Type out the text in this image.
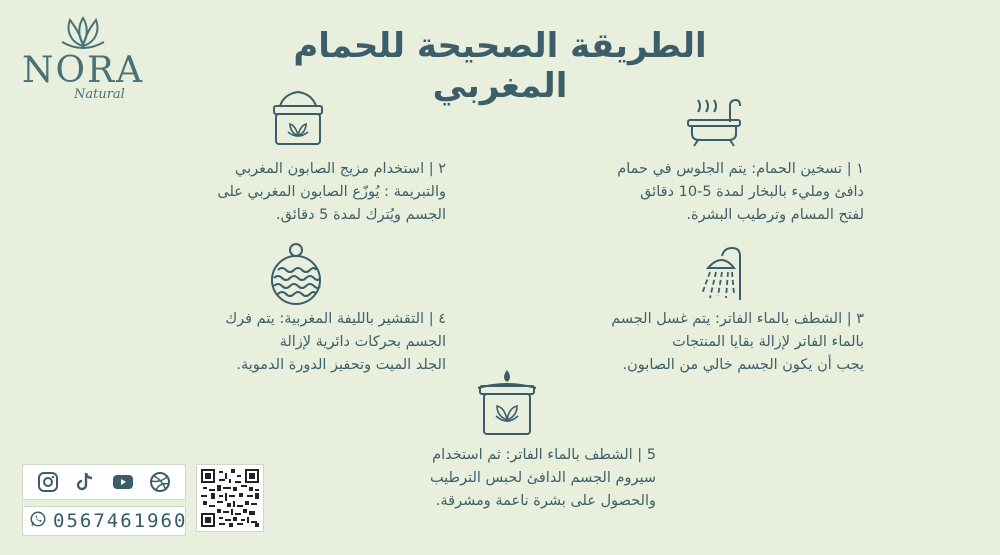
NORA
Natural
الطريقة الصحيحة للحمام المغربي
١ | تسخين الحمام: يتم الجلوس في حمام
دافئ ومليء بالبخار لمدة 5-10 دقائق
لفتح المسام وترطيب البشرة.
٢ | استخدام مزيج الصابون المغربي
والتبريمة : يُوزّع الصابون المغربي على
الجسم ويُترك لمدة 5 دقائق.
٣ | الشطف بالماء الفاتر: يتم غسل الجسم
بالماء الفاتر لإزالة بقايا المنتجات
يجب أن يكون الجسم خالي من الصابون.
٤ | التقشير بالليفة المغربية: يتم فرك
الجسم بحركات دائرية لإزالة
الجلد الميت وتحفيز الدورة الدموية.
5 | الشطف بالماء الفاتر: ثم استخدام
سيروم الجسم الدافئ لحبس الترطيب
والحصول على بشرة ناعمة ومشرقة.
0567461960
